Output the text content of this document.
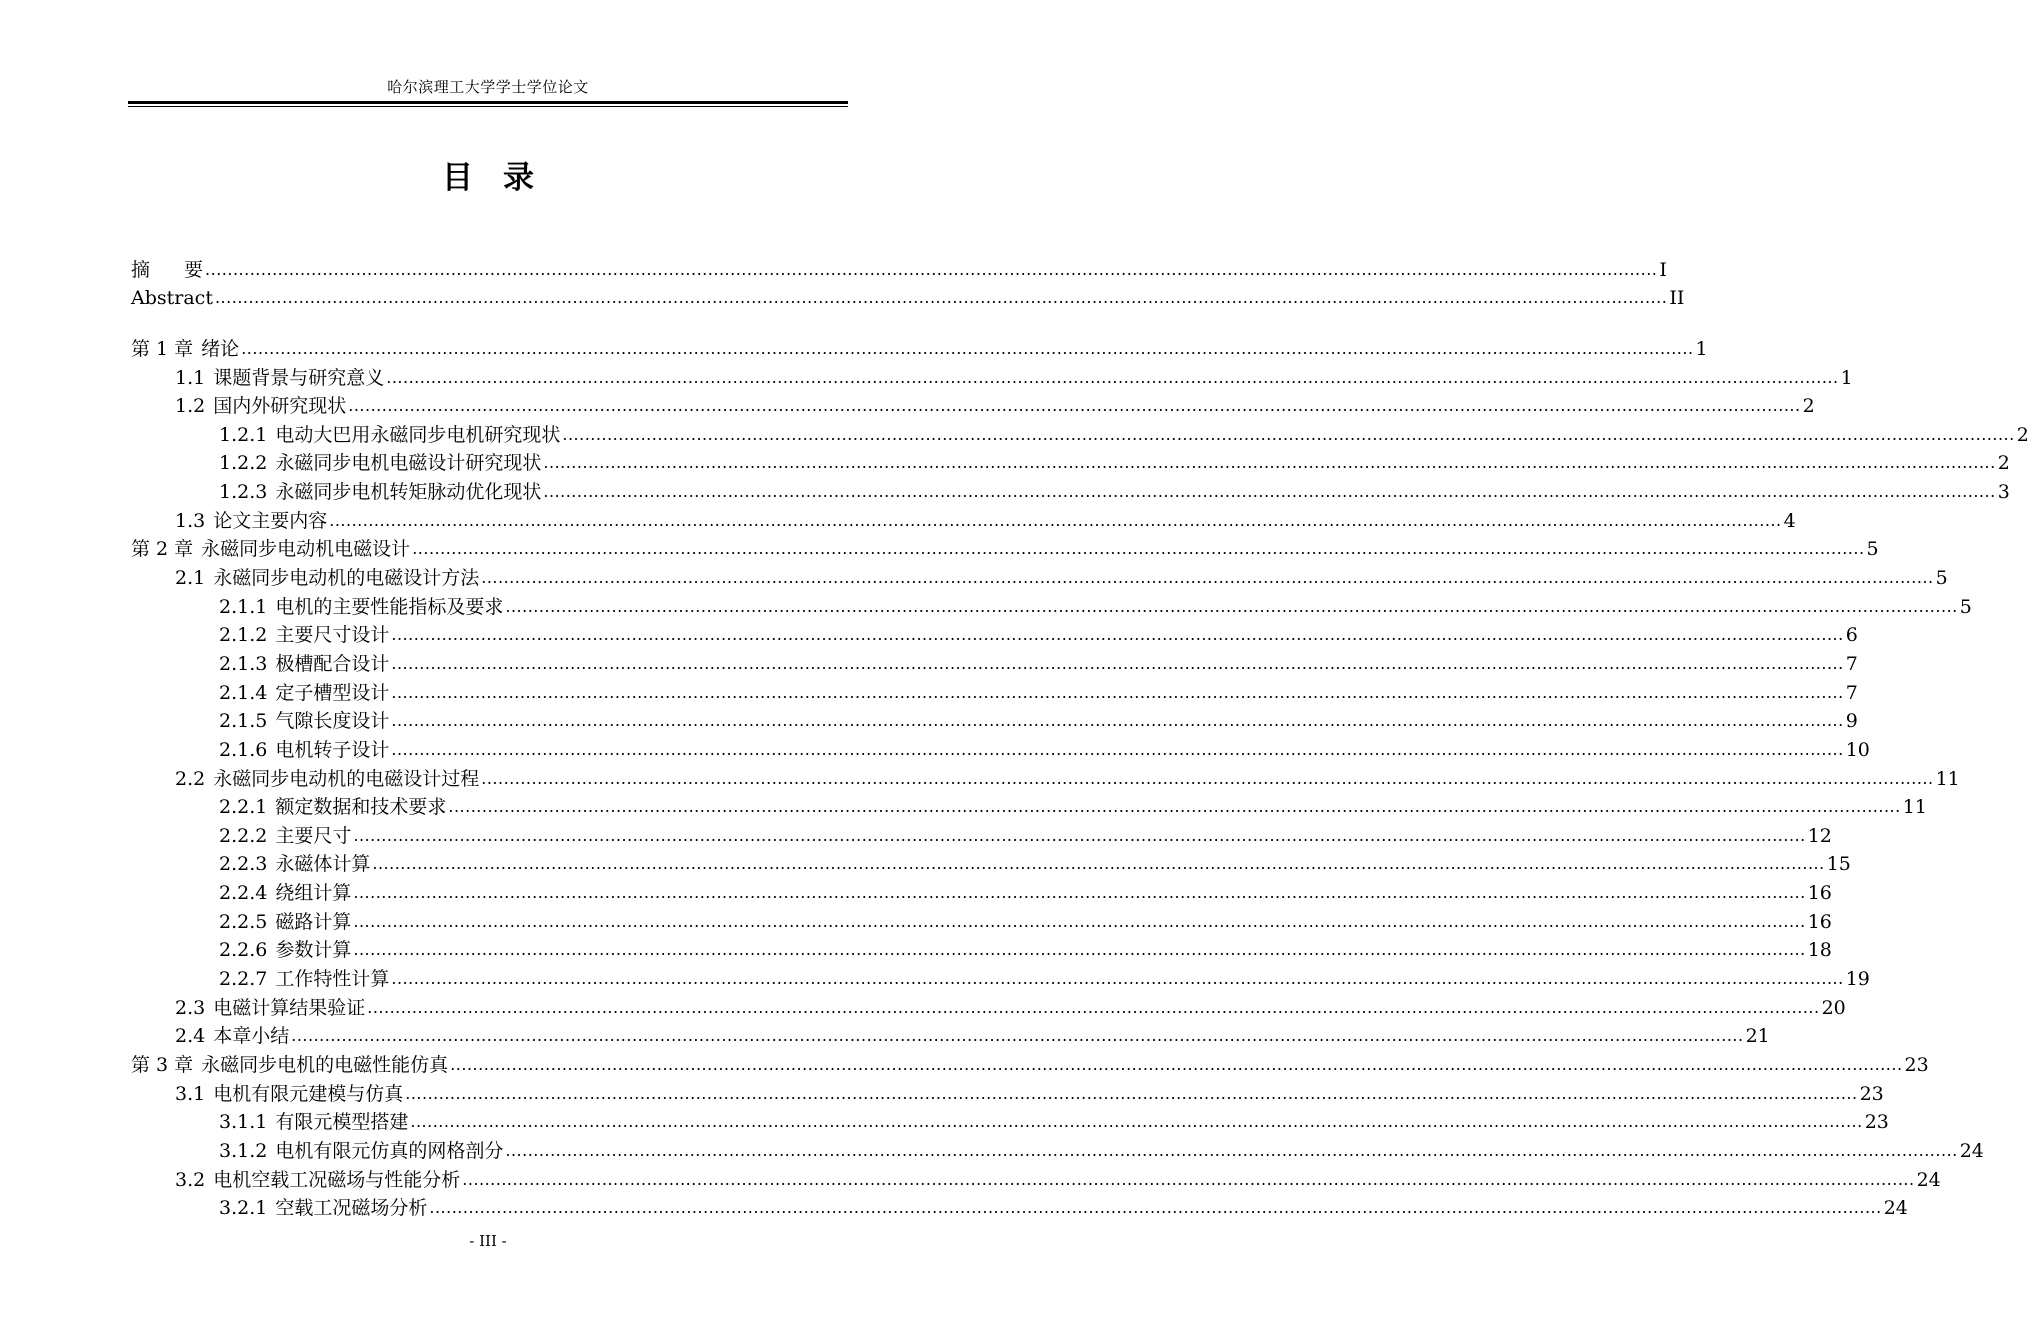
哈尔滨理工大学学士学位论文
目录
摘 要 .................................................................................................................................................................................................................................................................... I
Abstract .................................................................................................................................................................................................................................................................... II
第 1 章 绪论 .................................................................................................................................................................................................................................................................... 1
1.1 课题背景与研究意义 .................................................................................................................................................................................................................................................................... 1
1.2 国内外研究现状 .................................................................................................................................................................................................................................................................... 2
1.2.1 电动大巴用永磁同步电机研究现状 .................................................................................................................................................................................................................................................................... 2
1.2.2 永磁同步电机电磁设计研究现状 .................................................................................................................................................................................................................................................................... 2
1.2.3 永磁同步电机转矩脉动优化现状 .................................................................................................................................................................................................................................................................... 3
1.3 论文主要内容 .................................................................................................................................................................................................................................................................... 4
第 2 章 永磁同步电动机电磁设计 .................................................................................................................................................................................................................................................................... 5
2.1 永磁同步电动机的电磁设计方法 .................................................................................................................................................................................................................................................................... 5
2.1.1 电机的主要性能指标及要求 .................................................................................................................................................................................................................................................................... 5
2.1.2 主要尺寸设计 .................................................................................................................................................................................................................................................................... 6
2.1.3 极槽配合设计 .................................................................................................................................................................................................................................................................... 7
2.1.4 定子槽型设计 .................................................................................................................................................................................................................................................................... 7
2.1.5 气隙长度设计 .................................................................................................................................................................................................................................................................... 9
2.1.6 电机转子设计 .................................................................................................................................................................................................................................................................... 10
2.2 永磁同步电动机的电磁设计过程 .................................................................................................................................................................................................................................................................... 11
2.2.1 额定数据和技术要求 .................................................................................................................................................................................................................................................................... 11
2.2.2 主要尺寸 .................................................................................................................................................................................................................................................................... 12
2.2.3 永磁体计算 .................................................................................................................................................................................................................................................................... 15
2.2.4 绕组计算 .................................................................................................................................................................................................................................................................... 16
2.2.5 磁路计算 .................................................................................................................................................................................................................................................................... 16
2.2.6 参数计算 .................................................................................................................................................................................................................................................................... 18
2.2.7 工作特性计算 .................................................................................................................................................................................................................................................................... 19
2.3 电磁计算结果验证 .................................................................................................................................................................................................................................................................... 20
2.4 本章小结 .................................................................................................................................................................................................................................................................... 21
第 3 章 永磁同步电机的电磁性能仿真 .................................................................................................................................................................................................................................................................... 23
3.1 电机有限元建模与仿真 .................................................................................................................................................................................................................................................................... 23
3.1.1 有限元模型搭建 .................................................................................................................................................................................................................................................................... 23
3.1.2 电机有限元仿真的网格剖分 .................................................................................................................................................................................................................................................................... 24
3.2 电机空载工况磁场与性能分析 .................................................................................................................................................................................................................................................................... 24
3.2.1 空载工况磁场分析 .................................................................................................................................................................................................................................................................... 24
- III -
